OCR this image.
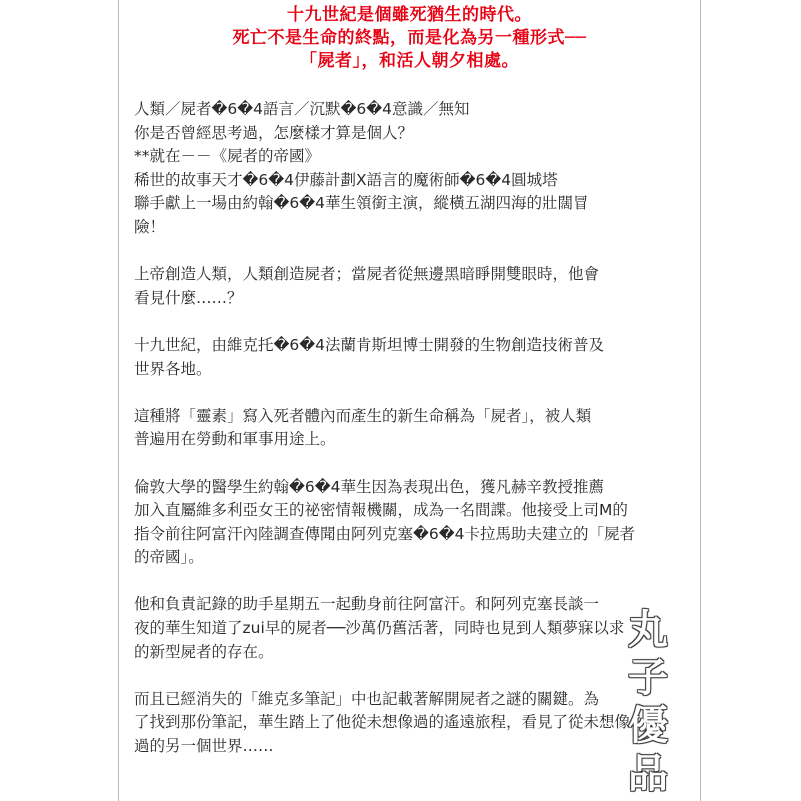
十九世紀是個雖死猶生的時代。
死亡不是生命的終點，而是化為另一種形式──
「屍者」，和活人朝夕相處。
人類／屍者�6�4語言／沉默�6�4意識／無知
你是否曾經思考過，怎麼樣才算是個人？
**就在－－《屍者的帝國》
稀世的故事天才�6�4伊藤計劃X語言的魔術師�6�4圓城塔
聯手獻上一場由約翰�6�4華生領銜主演，縱橫五湖四海的壯闊冒
險！
上帝創造人類，人類創造屍者；當屍者從無邊黑暗睜開雙眼時，他會
看見什麼……？
十九世紀，由維克托�6�4法蘭肯斯坦博士開發的生物創造技術普及
世界各地。
這種將「靈素」寫入死者體內而產生的新生命稱為「屍者」，被人類
普遍用在勞動和軍事用途上。
倫敦大學的醫學生約翰�6�4華生因為表現出色，獲凡赫辛教授推薦
加入直屬維多利亞女王的祕密情報機關，成為一名間諜。他接受上司M的
指令前往阿富汗內陸調查傳聞由阿列克塞�6�4卡拉馬助夫建立的「屍者
的帝國」。
他和負責記錄的助手星期五一起動身前往阿富汗。和阿列克塞長談一
夜的華生知道了zui早的屍者──沙萬仍舊活著，同時也見到人類夢寐以求
的新型屍者的存在。
而且已經消失的「維克多筆記」中也記載著解開屍者之謎的關鍵。為
了找到那份筆記，華生踏上了他從未想像過的遙遠旅程，看見了從未想像
過的另一個世界……
丸
子
優
品
